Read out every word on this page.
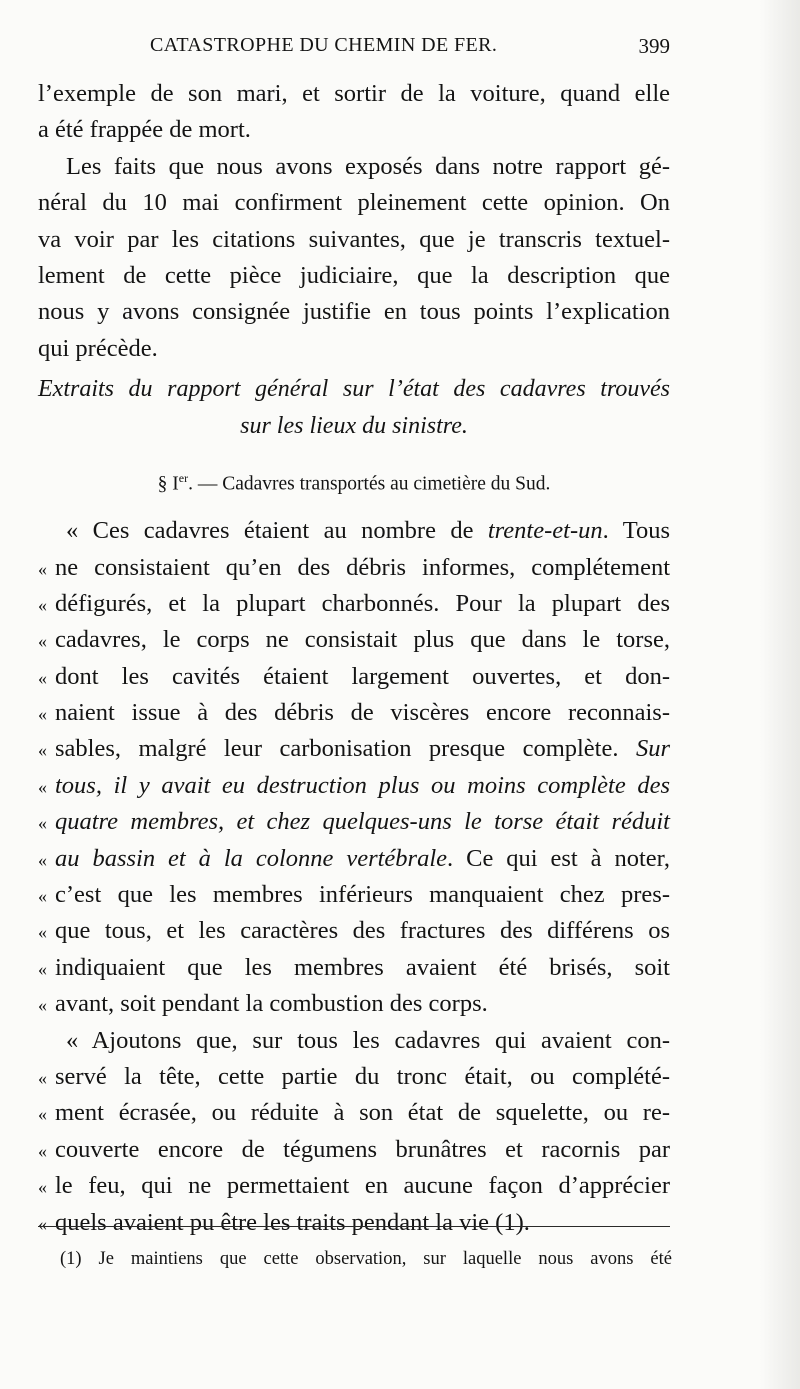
CATASTROPHE DU CHEMIN DE FER.	399
l’exemple de son mari, et sortir de la voiture, quand elle
a été frappée de mort.
Les faits que nous avons exposés dans notre rapport gé-
néral du 10 mai confirment pleinement cette opinion. On
va voir par les citations suivantes, que je transcris textuel-
lement de cette pièce judiciaire, que la description que
nous y avons consignée justifie en tous points l’explication
qui précède.
Extraits du rapport général sur l’état des cadavres trouvés
sur les lieux du sinistre.
§ Ier. — Cadavres transportés au cimetière du Sud.
« Ces cadavres étaient au nombre de trente-et-un. Tous
« ne consistaient qu’en des débris informes, complétement
« défigurés, et la plupart charbonnés. Pour la plupart des
« cadavres, le corps ne consistait plus que dans le torse,
« dont les cavités étaient largement ouvertes, et don-
« naient issue à des débris de viscères encore reconnais-
« sables, malgré leur carbonisation presque complète. Sur
« tous, il y avait eu destruction plus ou moins complète des
« quatre membres, et chez quelques-uns le torse était réduit
« au bassin et à la colonne vertébrale. Ce qui est à noter,
« c’est que les membres inférieurs manquaient chez pres-
« que tous, et les caractères des fractures des différens os
« indiquaient que les membres avaient été brisés, soit
« avant, soit pendant la combustion des corps.
« Ajoutons que, sur tous les cadavres qui avaient con-
« servé la tête, cette partie du tronc était, ou complété-
« ment écrasée, ou réduite à son état de squelette, ou re-
« couverte encore de tégumens brunâtres et racornis par
« le feu, qui ne permettaient en aucune façon d’apprécier
« quels avaient pu être les traits pendant la vie (1).
(1) Je maintiens que cette observation, sur laquelle nous avons été
